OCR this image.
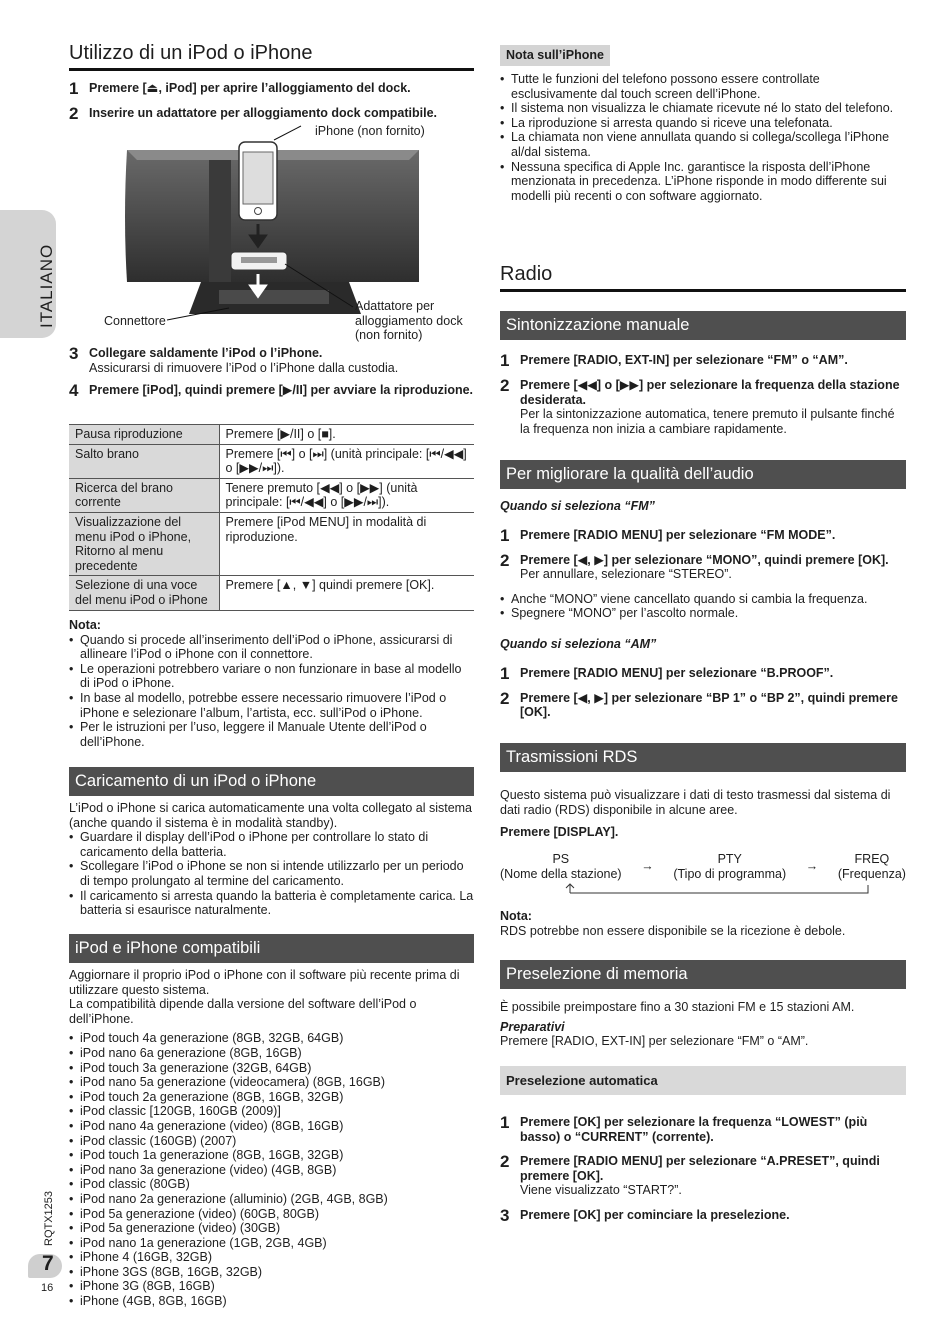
ITALIANO
Utilizzo di un iPod o iPhone
1 Premere [⏏, iPod] per aprire l’alloggiamento del dock.
2 Inserire un adattatore per alloggiamento dock compatibile.
iPhone (non fornito)
Connettore
Adattatore per alloggiamento dock (non fornito)
3 Collegare saldamente l’iPod o l’iPhone.
Assicurarsi di rimuovere l’iPod o l’iPhone dalla custodia.
4 Premere [iPod], quindi premere [▶/II] per avviare la riproduzione.
Pausa riproduzione	Premere [▶/II] o [■].
Salto brano	Premere [⏮] o [⏭] (unità principale: [⏮/◀◀] o [▶▶/⏭]).
Ricerca del brano corrente	Tenere premuto [◀◀] o [▶▶] (unità principale: [⏮/◀◀] o [▶▶/⏭]).
Visualizzazione del menu iPod o iPhone, Ritorno al menu precedente	Premere [iPod MENU] in modalità di riproduzione.
Selezione di una voce del menu iPod o iPhone	Premere [▲, ▼] quindi premere [OK].
Nota:
• Quando si procede all’inserimento dell’iPod o iPhone, assicurarsi di allineare l’iPod o iPhone con il connettore.
• Le operazioni potrebbero variare o non funzionare in base al modello di iPod o iPhone.
• In base al modello, potrebbe essere necessario rimuovere l’iPod o iPhone e selezionare l’album, l’artista, ecc. sull’iPod o iPhone.
• Per le istruzioni per l’uso, leggere il Manuale Utente dell’iPod o dell’iPhone.
Caricamento di un iPod o iPhone
L’iPod o iPhone si carica automaticamente una volta collegato al sistema (anche quando il sistema è in modalità standby).
• Guardare il display dell’iPod o iPhone per controllare lo stato di caricamento della batteria.
• Scollegare l’iPod o iPhone se non si intende utilizzarlo per un periodo di tempo prolungato al termine del caricamento.
• Il caricamento si arresta quando la batteria è completamente carica. La batteria si esaurisce naturalmente.
iPod e iPhone compatibili
Aggiornare il proprio iPod o iPhone con il software più recente prima di utilizzare questo sistema.
La compatibilità dipende dalla versione del software dell’iPod o dell’iPhone.
• iPod touch 4a generazione (8GB, 32GB, 64GB)
• iPod nano 6a generazione (8GB, 16GB)
• iPod touch 3a generazione (32GB, 64GB)
• iPod nano 5a generazione (videocamera) (8GB, 16GB)
• iPod touch 2a generazione (8GB, 16GB, 32GB)
• iPod classic [120GB, 160GB (2009)]
• iPod nano 4a generazione (video) (8GB, 16GB)
• iPod classic (160GB) (2007)
• iPod touch 1a generazione (8GB, 16GB, 32GB)
• iPod nano 3a generazione (video) (4GB, 8GB)
• iPod classic (80GB)
• iPod nano 2a generazione (alluminio) (2GB, 4GB, 8GB)
• iPod 5a generazione (video) (60GB, 80GB)
• iPod 5a generazione (video) (30GB)
• iPod nano 1a generazione (1GB, 2GB, 4GB)
• iPhone 4 (16GB, 32GB)
• iPhone 3GS (8GB, 16GB, 32GB)
• iPhone 3G (8GB, 16GB)
• iPhone (4GB, 8GB, 16GB)
RQTX1253
7
16
Nota sull’iPhone
• Tutte le funzioni del telefono possono essere controllate esclusivamente dal touch screen dell’iPhone.
• Il sistema non visualizza le chiamate ricevute né lo stato del telefono.
• La riproduzione si arresta quando si riceve una telefonata.
• La chiamata non viene annullata quando si collega/scollega l’iPhone al/dal sistema.
• Nessuna specifica di Apple Inc. garantisce la risposta dell’iPhone menzionata in precedenza. L’iPhone risponde in modo differente sui modelli più recenti o con software aggiornato.
Radio
Sintonizzazione manuale
1 Premere [RADIO, EXT-IN] per selezionare “FM” o “AM”.
2 Premere [◀◀] o [▶▶] per selezionare la frequenza della stazione desiderata.
Per la sintonizzazione automatica, tenere premuto il pulsante finché la frequenza non inizia a cambiare rapidamente.
Per migliorare la qualità dell’audio
Quando si seleziona “FM”
1 Premere [RADIO MENU] per selezionare “FM MODE”.
2 Premere [◀, ▶] per selezionare “MONO”, quindi premere [OK].
Per annullare, selezionare “STEREO”.
• Anche “MONO” viene cancellato quando si cambia la frequenza.
• Spegnere “MONO” per l’ascolto normale.
Quando si seleziona “AM”
1 Premere [RADIO MENU] per selezionare “B.PROOF”.
2 Premere [◀, ▶] per selezionare “BP 1” o “BP 2”, quindi premere [OK].
Trasmissioni RDS
Questo sistema può visualizzare i dati di testo trasmessi dal sistema di dati radio (RDS) disponibile in alcune aree.
Premere [DISPLAY].
PS
(Nome della stazione)
→	PTY
(Tipo di programma)
→	FREQ
(Frequenza)
Nota:
RDS potrebbe non essere disponibile se la ricezione è debole.
Preselezione di memoria
È possibile preimpostare fino a 30 stazioni FM e 15 stazioni AM.
Preparativi
Premere [RADIO, EXT-IN] per selezionare “FM” o “AM”.
Preselezione automatica
1 Premere [OK] per selezionare la frequenza “LOWEST” (più basso) o “CURRENT” (corrente).
2 Premere [RADIO MENU] per selezionare “A.PRESET”, quindi premere [OK].
Viene visualizzato “START?”.
3 Premere [OK] per cominciare la preselezione.
